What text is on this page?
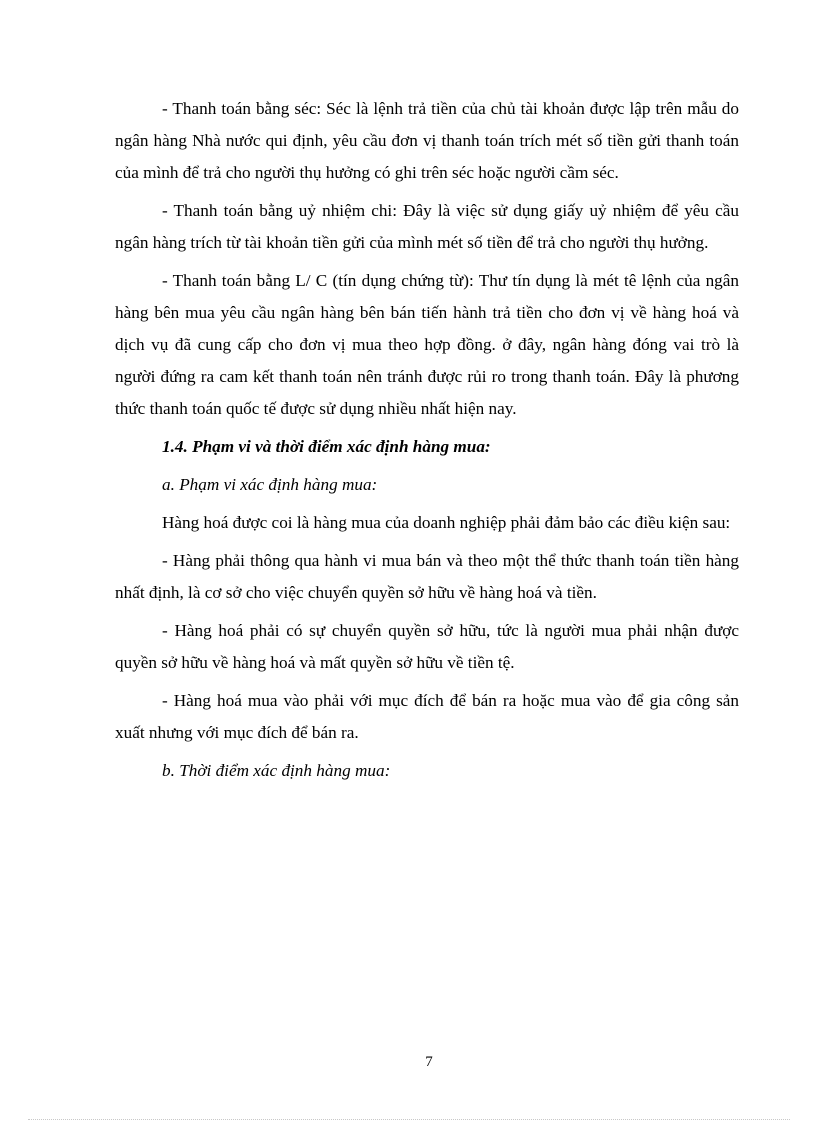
- Thanh toán bằng séc: Séc là lệnh trả tiền của chủ tài khoản được lập trên mẫu do ngân hàng Nhà nước qui định, yêu cầu đơn vị thanh toán trích mét số tiền gửi thanh toán của mình để trả cho người thụ hưởng có ghi trên séc hoặc người cầm séc.

- Thanh toán bằng uỷ nhiệm chi: Đây là việc sử dụng giấy uỷ nhiệm để yêu cầu ngân hàng trích từ tài khoản tiền gửi của mình mét số tiền để trả cho người thụ hưởng.

- Thanh toán bằng L/ C (tín dụng chứng từ): Thư tín dụng là mét tê lệnh của ngân hàng bên mua yêu cầu ngân hàng bên bán tiến hành trả tiền cho đơn vị về hàng hoá và dịch vụ đã cung cấp cho đơn vị mua theo hợp đồng. ở đây, ngân hàng đóng vai trò là người đứng ra cam kết thanh toán nên tránh được rủi ro trong thanh toán. Đây là phương thức thanh toán quốc tế được sử dụng nhiều nhất hiện nay.

1.4. Phạm vi và thời điểm xác định hàng mua:

a. Phạm vi xác định hàng mua:

Hàng hoá được coi là hàng mua của doanh nghiệp phải đảm bảo các điều kiện sau:

- Hàng phải thông qua hành vi mua bán và theo một thể thức thanh toán tiền hàng nhất định, là cơ sở cho việc chuyển quyền sở hữu về hàng hoá và tiền.

- Hàng hoá phải có sự chuyển quyền sở hữu, tức là người mua phải nhận được quyền sở hữu về hàng hoá và mất quyền sở hữu về tiền tệ.

- Hàng hoá mua vào phải với mục đích để bán ra hoặc mua vào để gia công sản xuất nhưng với mục đích để bán ra.

b. Thời điểm xác định hàng mua:

7
